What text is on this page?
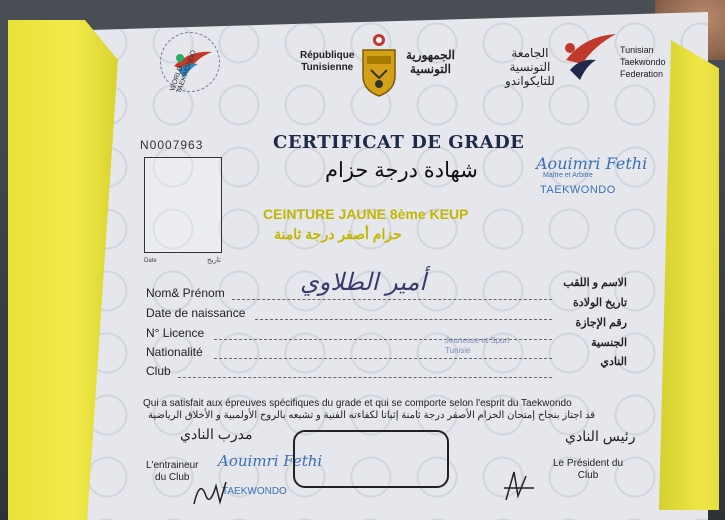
WORLD TAEKWONDO	République
Tunisienne
الجمهورية
التونسية
الجامعة
التونسية
للتايكواندو
Tunisian
Taekwondo
Federation
N0007963
Date	تاريخ
CERTIFICAT DE GRADE
شهادة درجة حزام
CEINTURE JAUNE 8ème KEUP
حزام أصفر درجة ثامنة
Aouimri Fethi
Maître et Arbitre
TAEKWONDO
Nom& Prénom
Date de naissance
N° Licence
Nationalité
Club
الاسم و اللقب
تاريخ الولادة
رقم الإجازة
الجنسية
النادي
أمير الطلاوي
Jeunesse et Sport
Tunisie
Qui a satisfait aux épreuves spécifiques du grade et qui se comporte selon l'esprit du Taekwondo
قد اجتاز بنجاح إمتحان الحزام الأصفر درجة ثامنة إثباتا لكفاءته الفنية و تشبعه بالروح الأولمبية و الأخلاق الرياضية
مدرب النادي
L'entraineur
du Club
Aouimri Fethi
TAEKWONDO
رئيس النادي
Le Président du
Club
